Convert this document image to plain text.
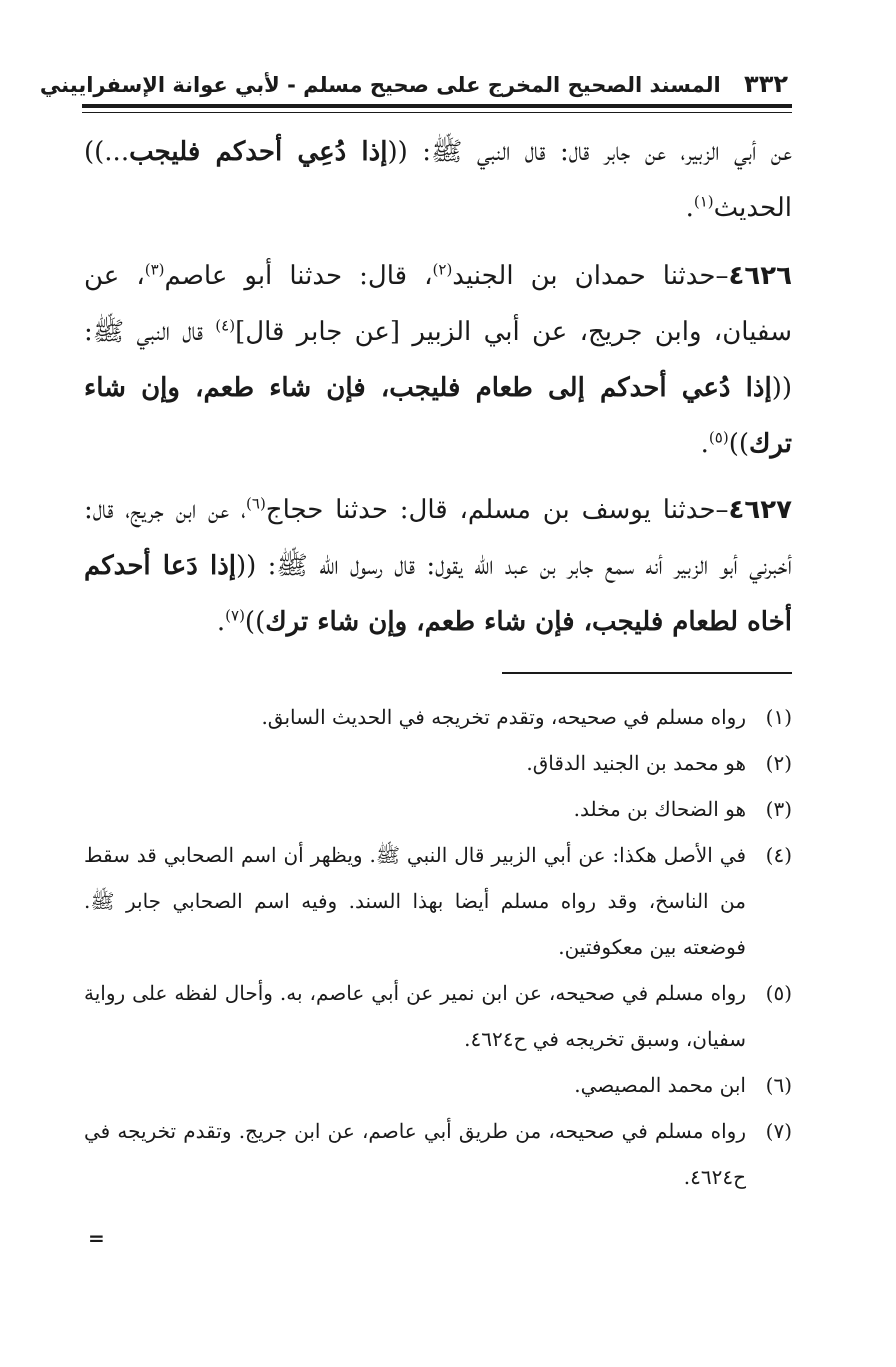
٣٣٢ المسند الصحيح المخرج على صحيح مسلم - لأبي عوانة الإسفراييني

عن أبي الزبير، عن جابر قال: قال النبي ﷺ: ((إذا دُعِي أحدكم فليجب...)) الحديث$^{(١)}$.

٤٦٢٦–حدثنا حمدان بن الجنيد$^{(٢)}$، قال: حدثنا أبو عاصم$^{(٣)}$، عن سفيان، وابن جريج، عن أبي الزبير [عن جابر قال]$^{(٤)}$ قال النبي ﷺ: ((إذا دُعي أحدكم إلى طعام فليجب، فإن شاء طعم، وإن شاء ترك))$^{(٥)}$.

٤٦٢٧–حدثنا يوسف بن مسلم، قال: حدثنا حجاج$^{(٦)}$، عن ابن جريج، قال: أخبرني أبو الزبير أنه سمع جابر بن عبد الله يقول: قال رسول الله ﷺ: ((إذا دَعا أحدكم أخاه لطعام فليجب، فإن شاء طعم، وإن شاء ترك))$^{(٧)}$.

(١)
رواه مسلم في صحيحه، وتقدم تخريجه في الحديث السابق.
(٢)
هو محمد بن الجنيد الدقاق.
(٣)
هو الضحاك بن مخلد.
(٤)
في الأصل هكذا: عن أبي الزبير قال النبي ﷺ. ويظهر أن اسم الصحابي قد سقط من الناسخ، وقد رواه مسلم أيضا بهذا السند. وفيه اسم الصحابي جابر ﷺ. فوضعته بين معكوفتين.
(٥)
رواه مسلم في صحيحه، عن ابن نمير عن أبي عاصم، به. وأحال لفظه على رواية سفيان، وسبق تخريجه في ح٤٦٢٤.
(٦)
ابن محمد المصيصي.
(٧)
رواه مسلم في صحيحه، من طريق أبي عاصم، عن ابن جريج. وتقدم تخريجه في ح٤٦٢٤.
=
